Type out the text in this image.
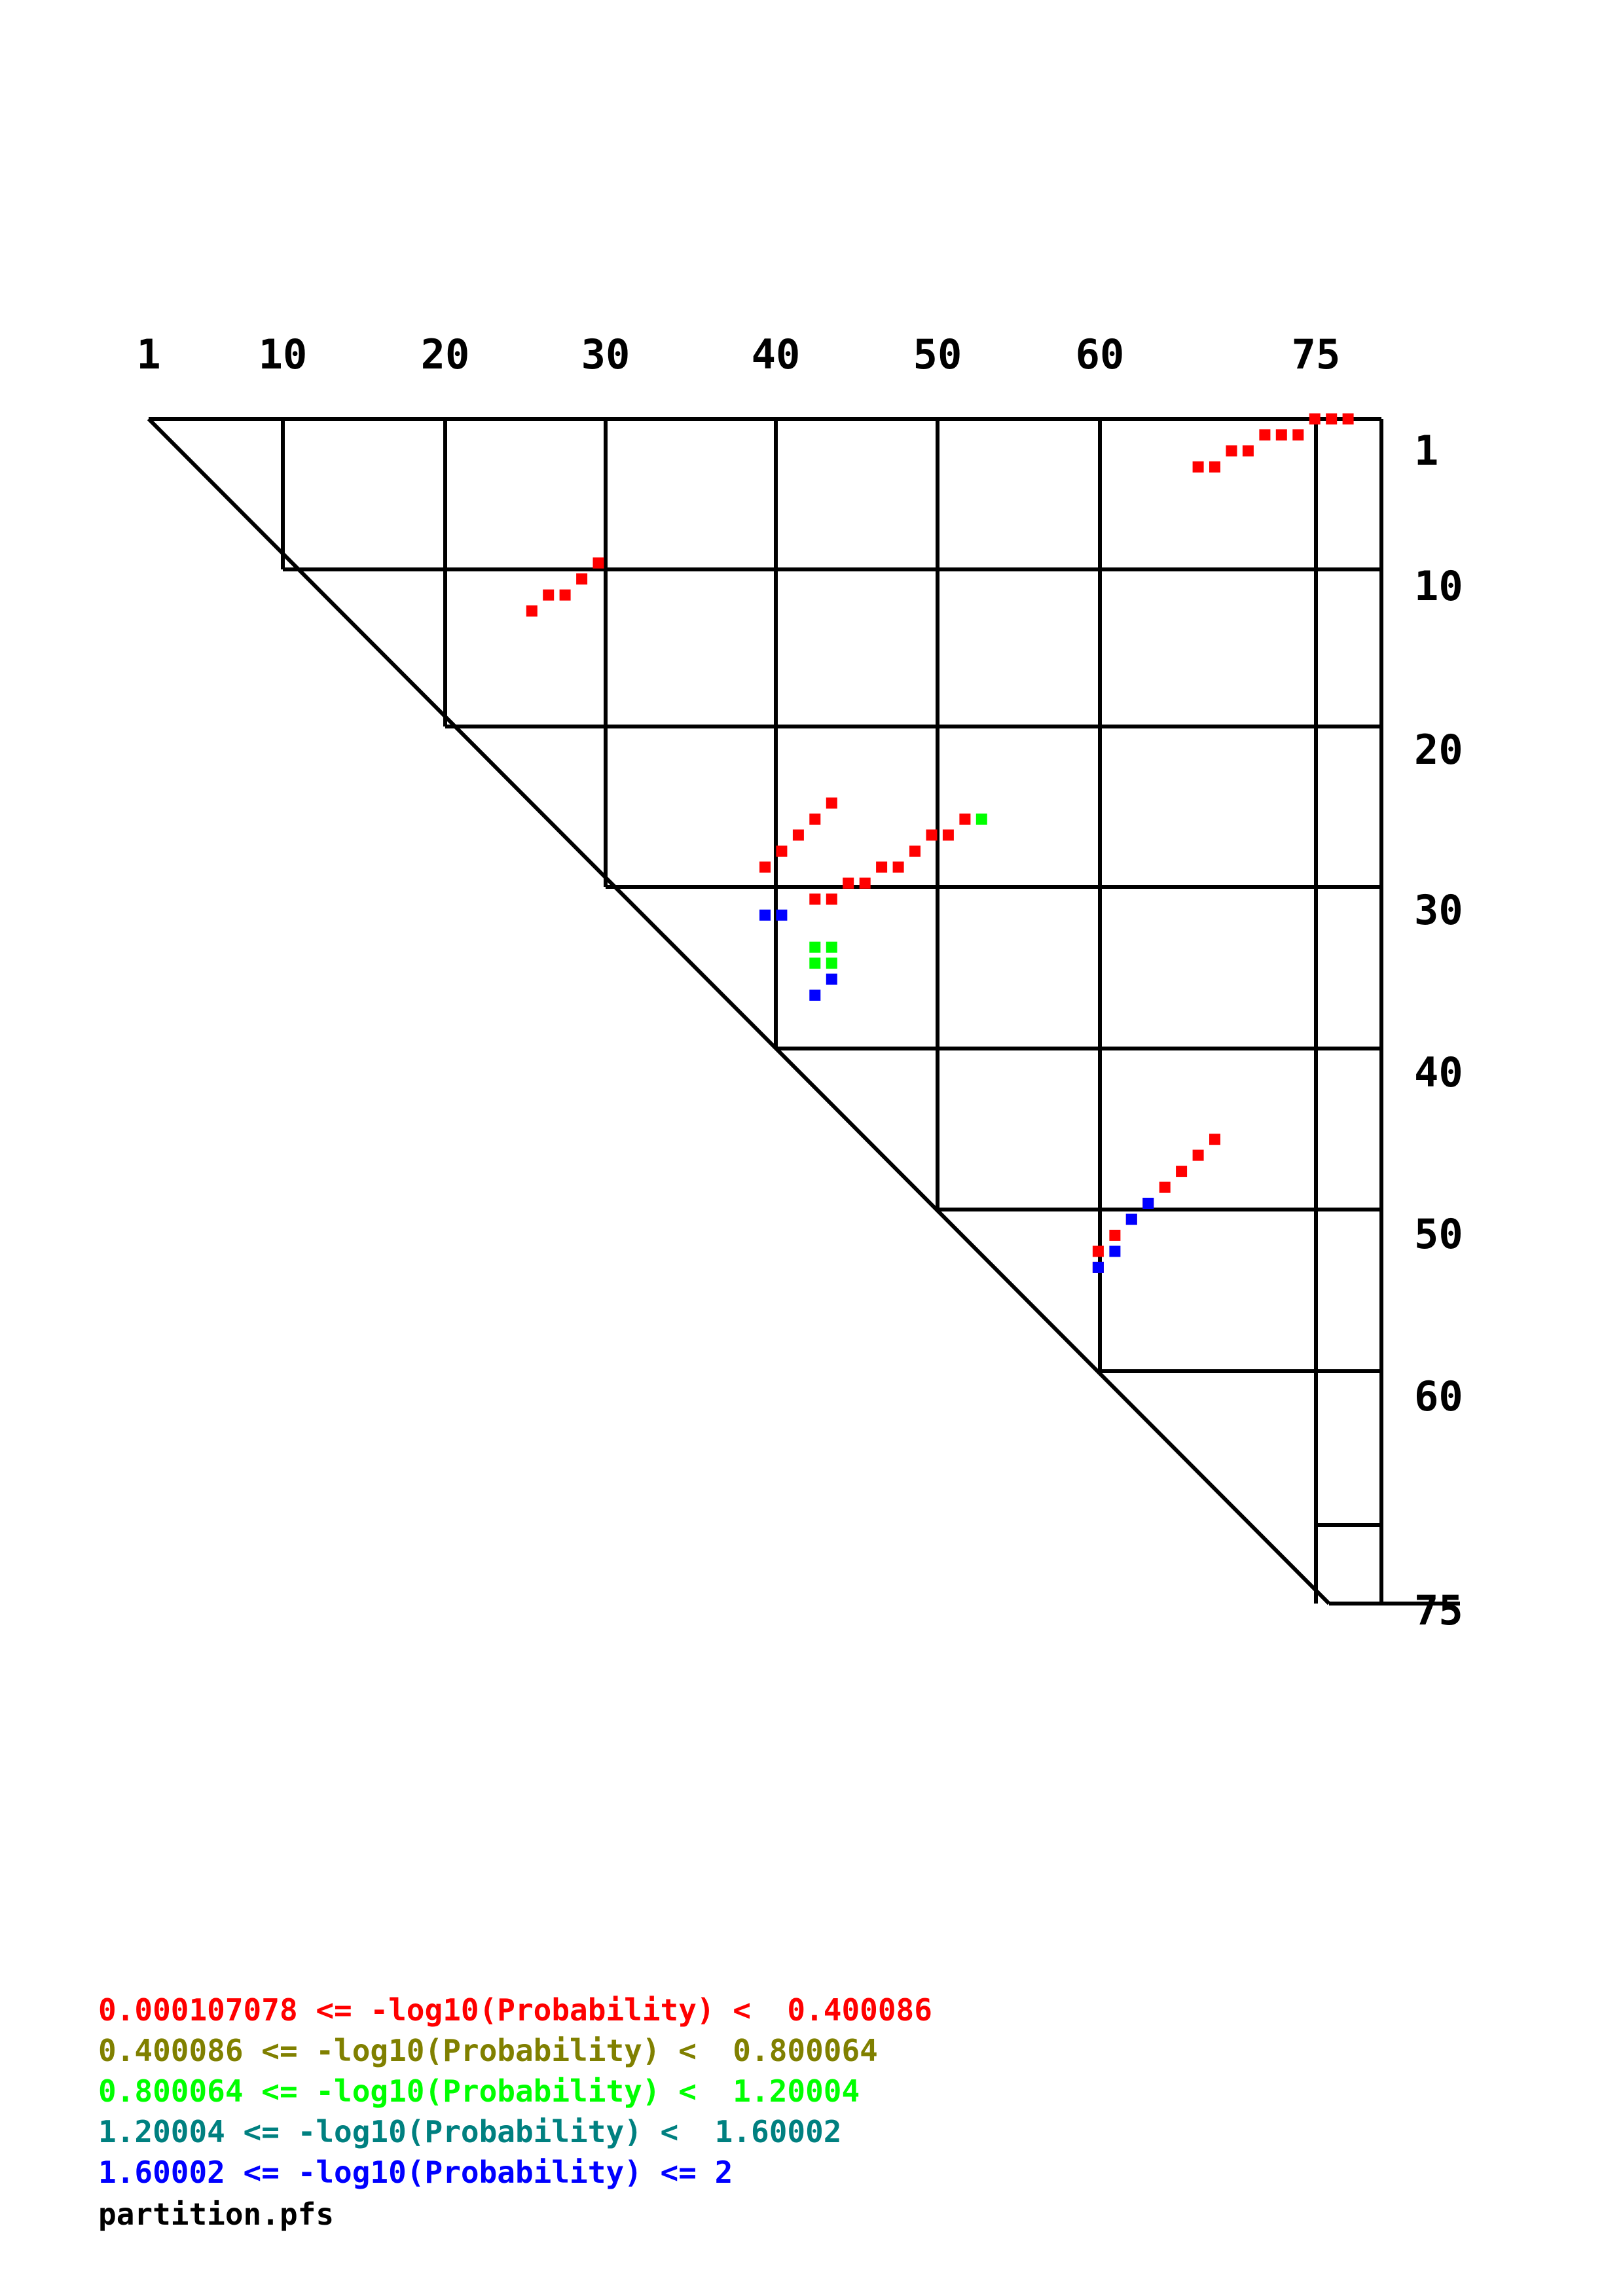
1 10	20	30	40	50	60	75
1
10
20
30
40
50
60
75
0.000107078 <= -log10(Probability) <  0.400086
0.400086 <= -log10(Probability) <  0.800064
0.800064 <= -log10(Probability) <  1.20004
1.20004 <= -log10(Probability) <  1.60002
1.60002 <= -log10(Probability) <= 2
partition.pfs
